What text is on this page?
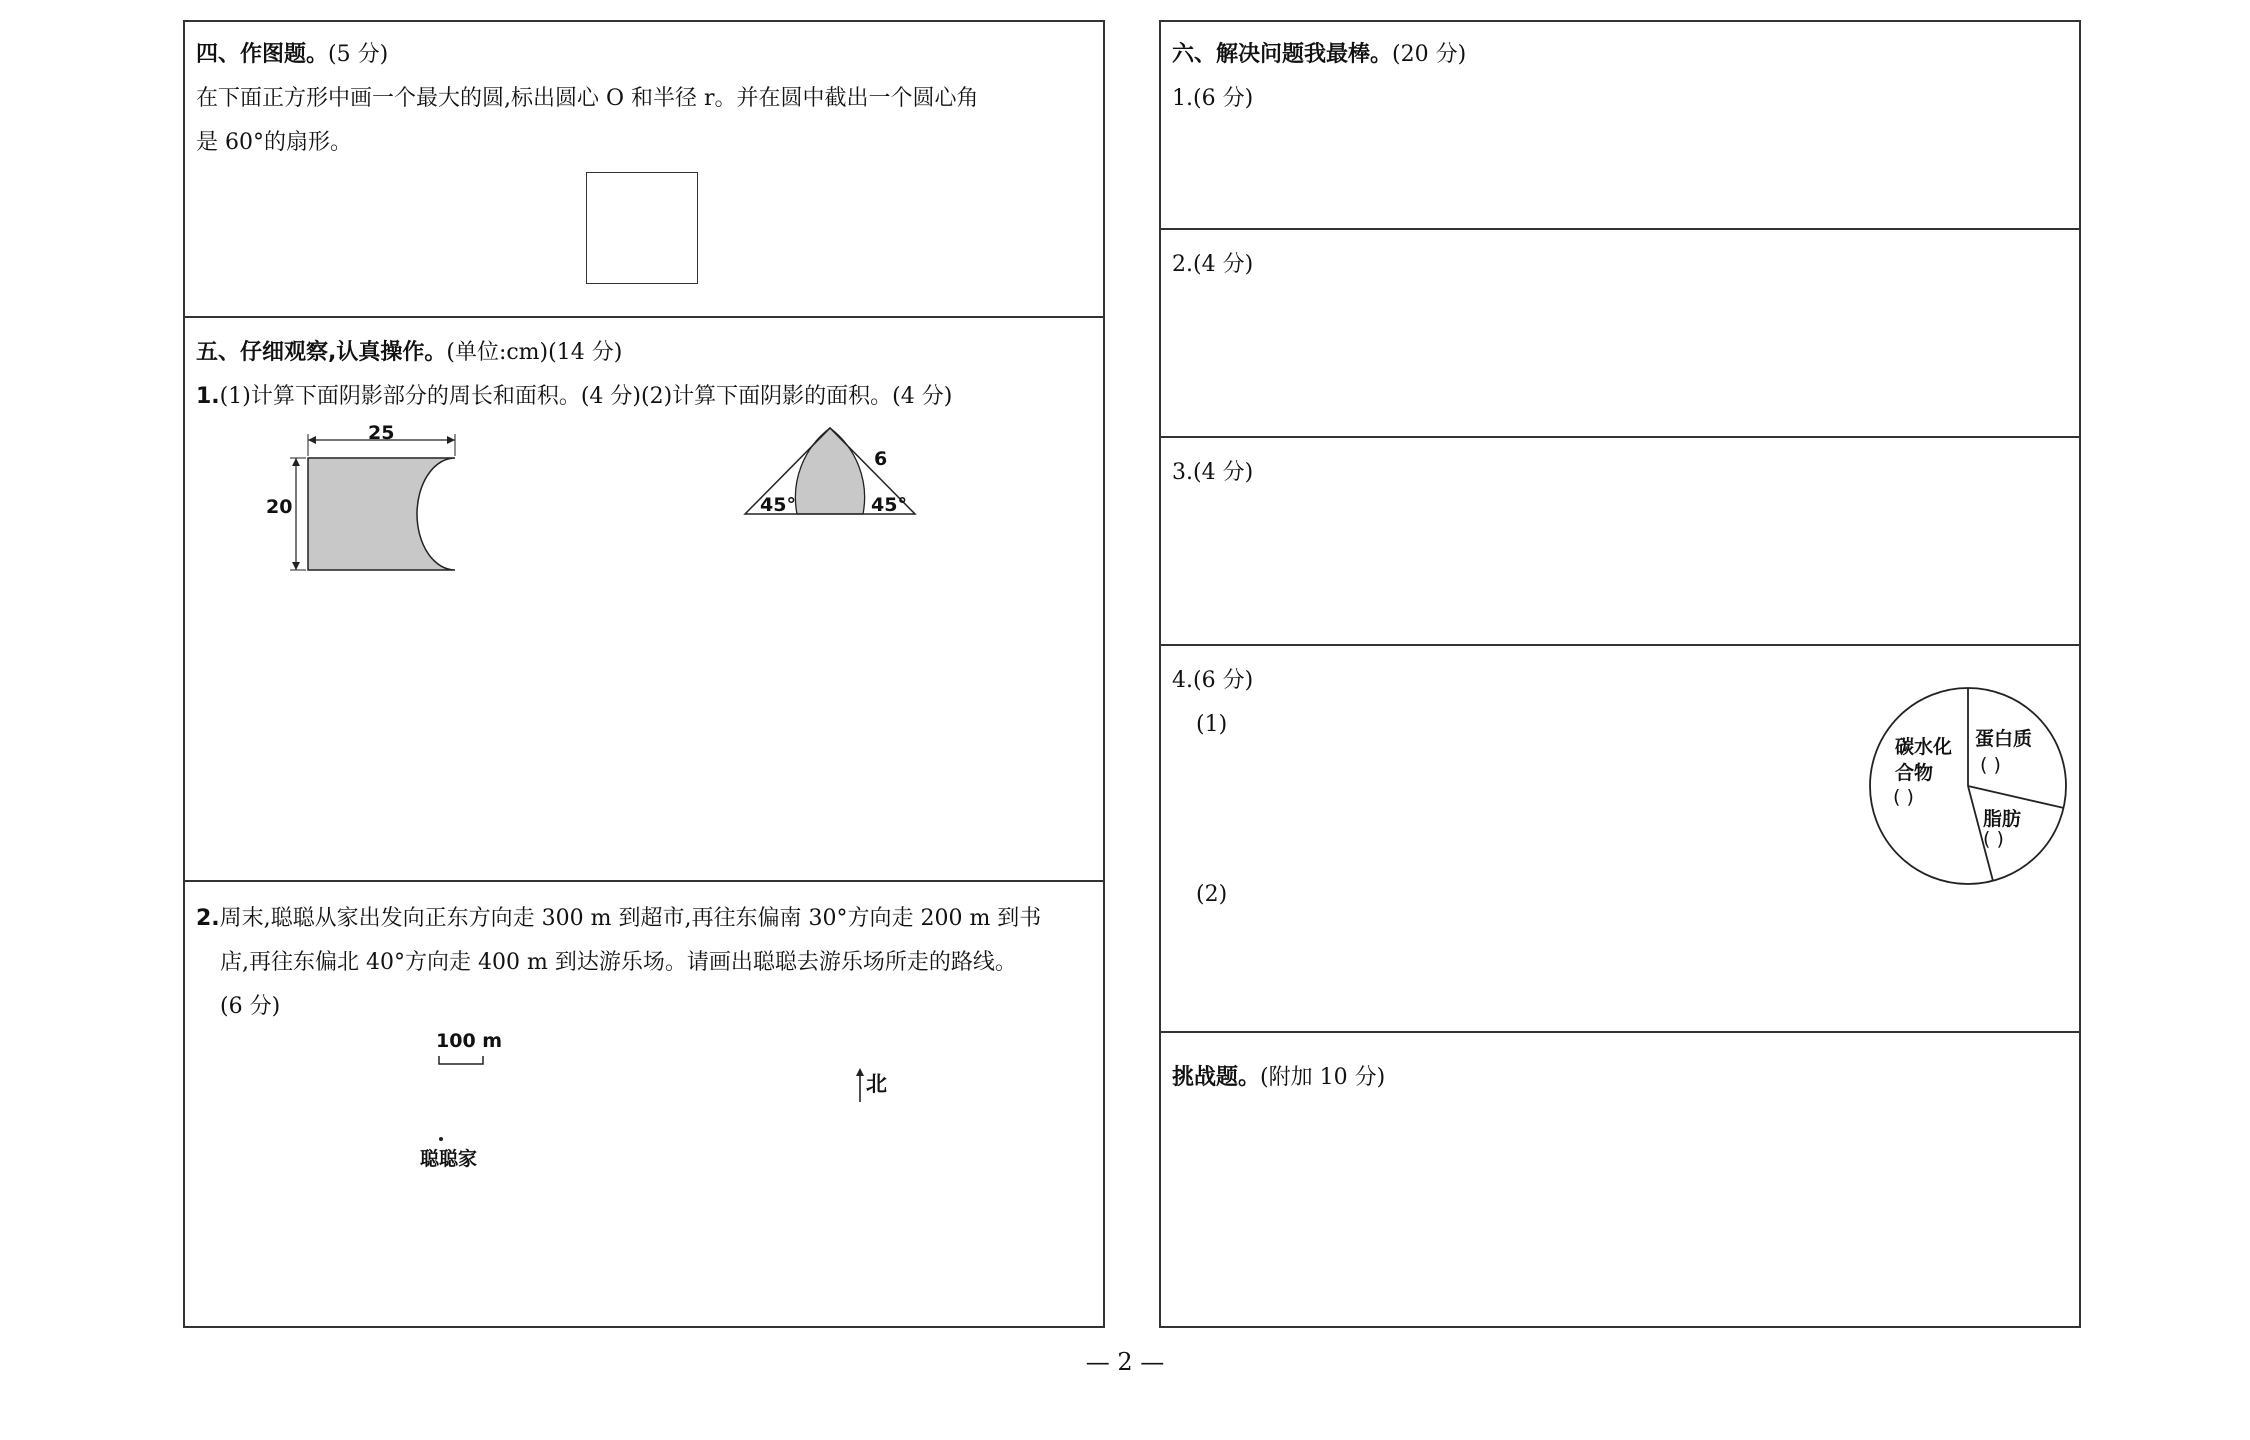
四、作图题。(5 分)
在下面正方形中画一个最大的圆,标出圆心 O 和半径 r。并在圆中截出一个圆心角
是 60°的扇形。
五、仔细观察,认真操作。(单位:cm)(14 分)
1.(1)计算下面阴影部分的周长和面积。(4 分)(2)计算下面阴影的面积。(4 分)
25
20
6
45°	45°
2.周末,聪聪从家出发向正东方向走 300 m 到超市,再往东偏南 30°方向走 200 m 到书
店,再往东偏北 40°方向走 400 m 到达游乐场。请画出聪聪去游乐场所走的路线。
(6 分)
100 m
北
聪聪家
六、解决问题我最棒。(20 分)
1.(6 分)
2.(4 分)
3.(4 分)
4.(6 分)
(1)
(2)
碳水化
合物
( )
蛋白质
( )
脂肪
( )
挑战题。(附加 10 分)
— 2 —
